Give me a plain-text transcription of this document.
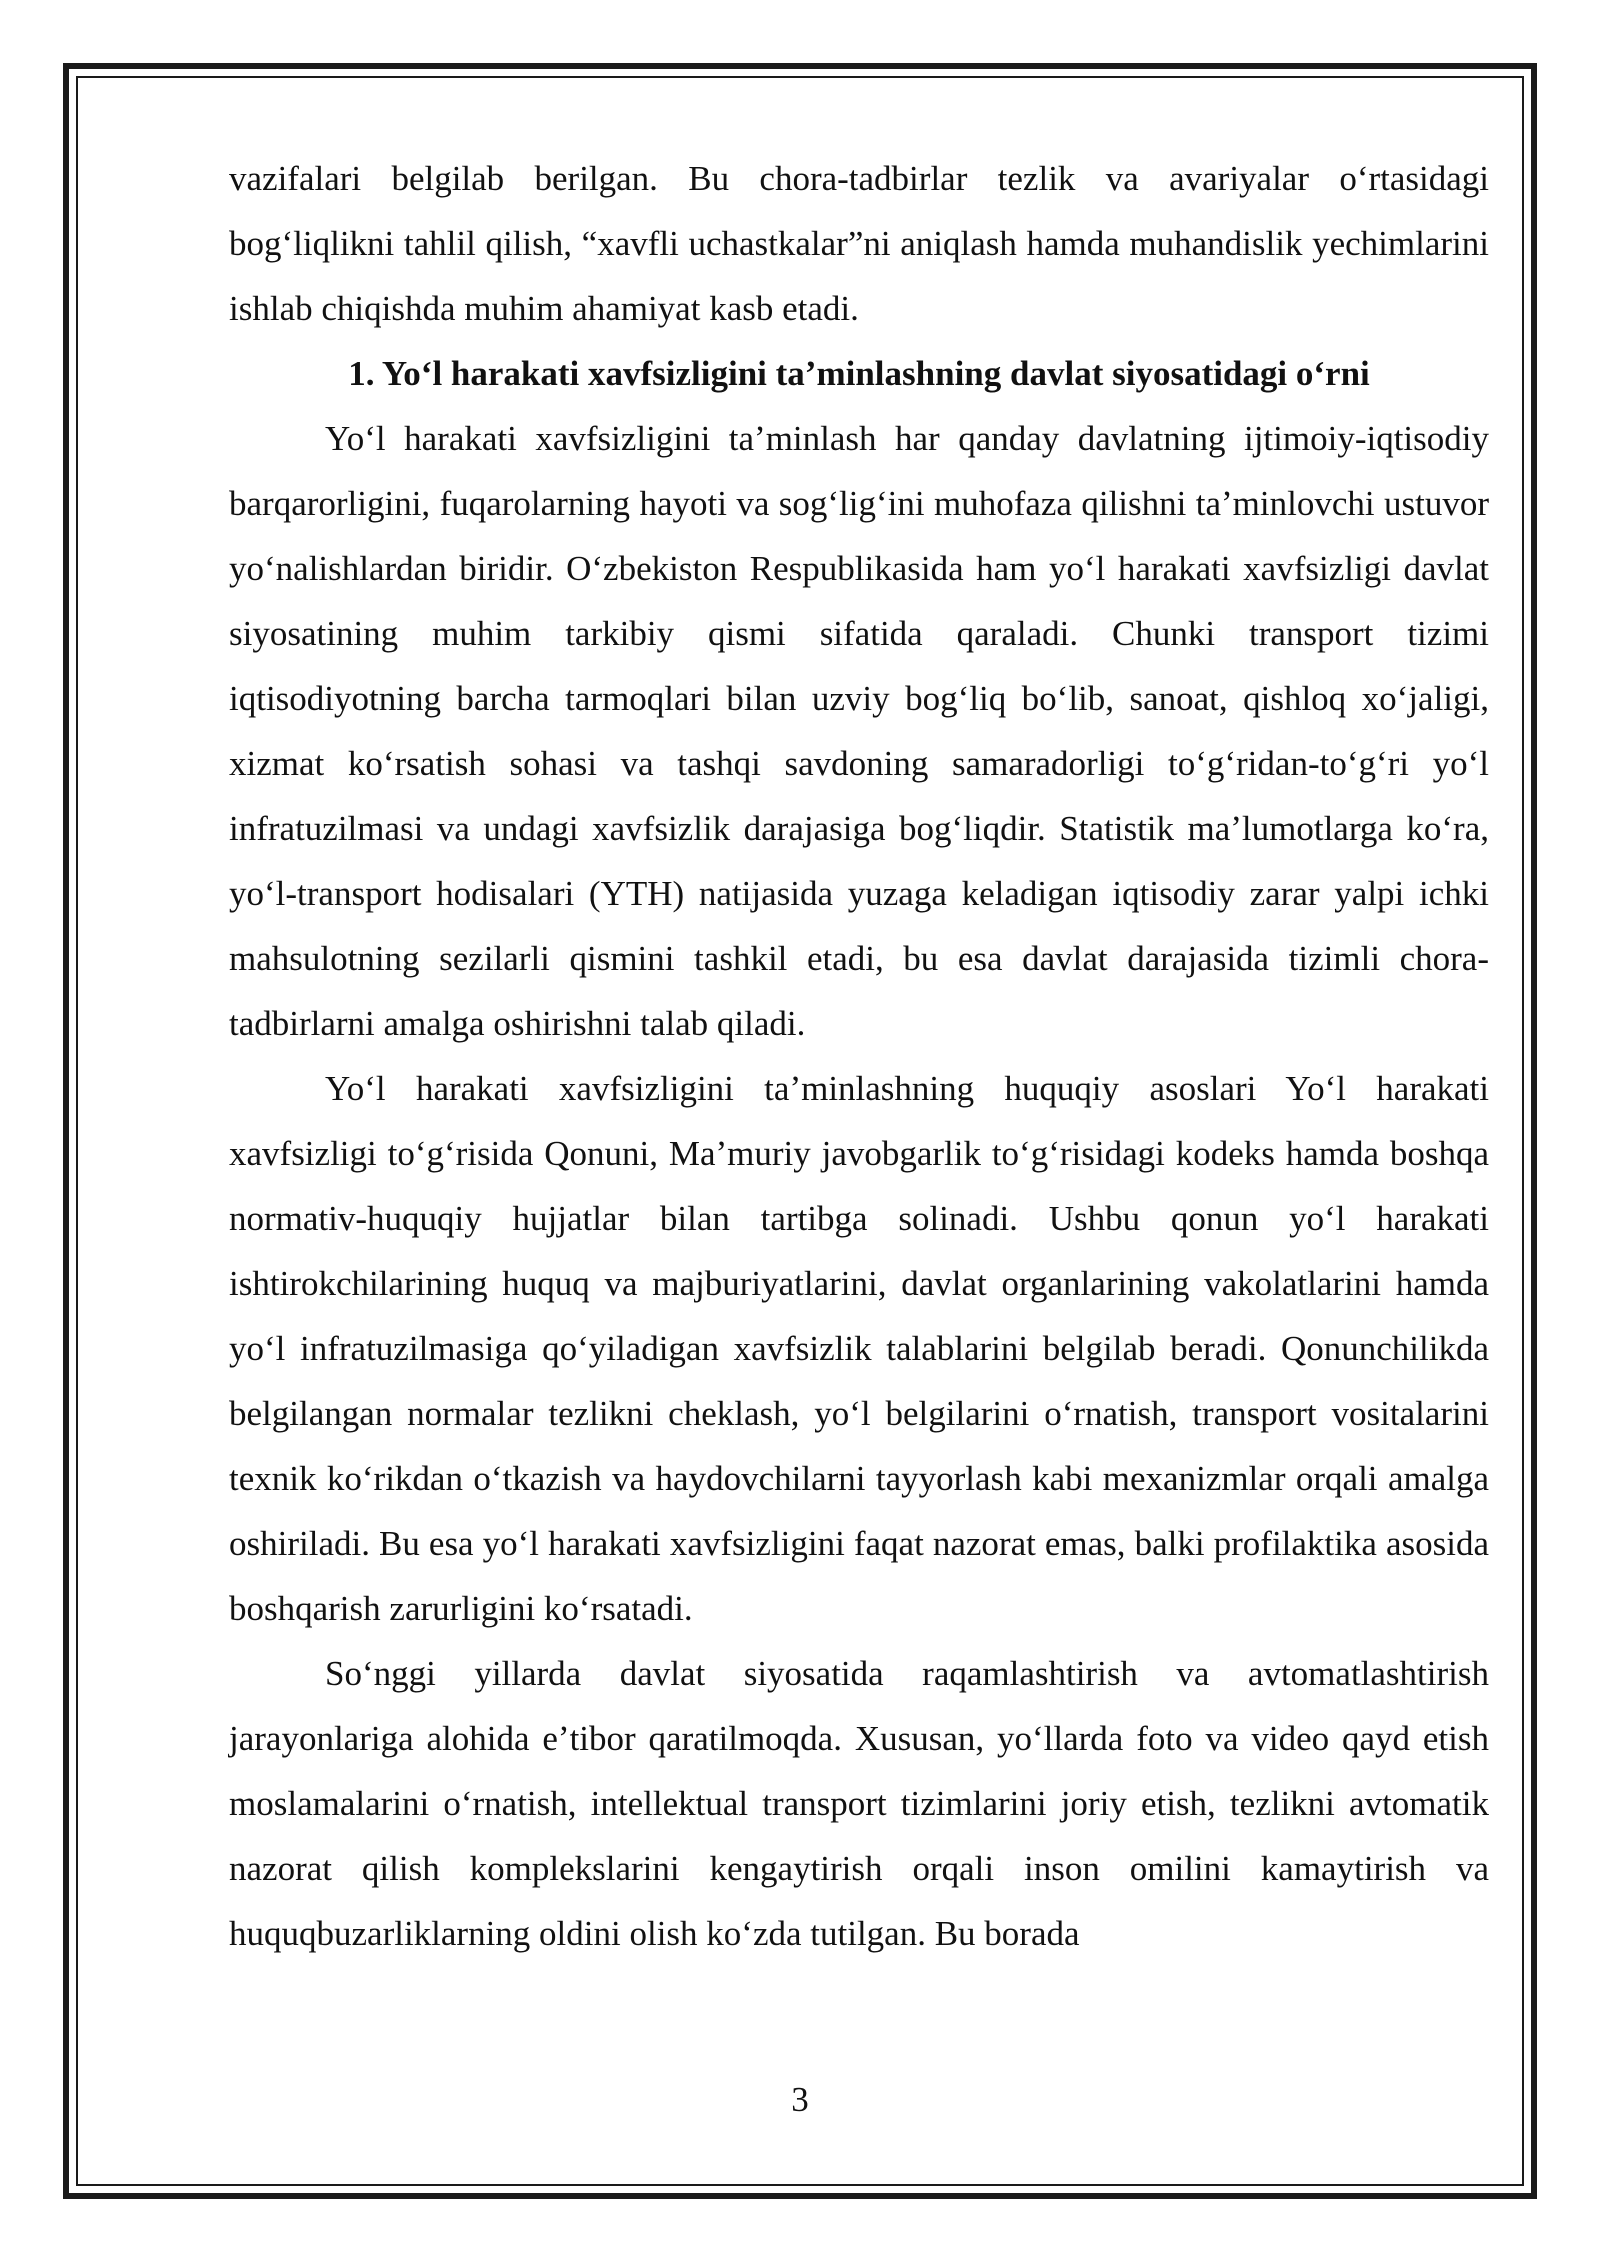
vazifalari belgilab berilgan. Bu chora-tadbirlar tezlik va avariyalar oʻrtasidagi bogʻliqlikni tahlil qilish, “xavfli uchastkalar”ni aniqlash hamda muhandislik yechimlarini ishlab chiqishda muhim ahamiyat kasb etadi.

1. Yoʻl harakati xavfsizligini taʼminlashning davlat siyosatidagi oʻrni

Yoʻl harakati xavfsizligini taʼminlash har qanday davlatning ijtimoiy-iqtisodiy barqarorligini, fuqarolarning hayoti va sogʻligʻini muhofaza qilishni taʼminlovchi ustuvor yoʻnalishlardan biridir. Oʻzbekiston Respublikasida ham yoʻl harakati xavfsizligi davlat siyosatining muhim tarkibiy qismi sifatida qaraladi. Chunki transport tizimi iqtisodiyotning barcha tarmoqlari bilan uzviy bogʻliq boʻlib, sanoat, qishloq xoʻjaligi, xizmat koʻrsatish sohasi va tashqi savdoning samaradorligi toʻgʻridan-toʻgʻri yoʻl infratuzilmasi va undagi xavfsizlik darajasiga bogʻliqdir. Statistik maʼlumotlarga koʻra, yoʻl-transport hodisalari (YTH) natijasida yuzaga keladigan iqtisodiy zarar yalpi ichki mahsulotning sezilarli qismini tashkil etadi, bu esa davlat darajasida tizimli chora-tadbirlarni amalga oshirishni talab qiladi.

Yoʻl harakati xavfsizligini taʼminlashning huquqiy asoslari Yoʻl harakati xavfsizligi toʻgʻrisida Qonuni, Maʼmuriy javobgarlik toʻgʻrisidagi kodeks hamda boshqa normativ-huquqiy hujjatlar bilan tartibga solinadi. Ushbu qonun yoʻl harakati ishtirokchilarining huquq va majburiyatlarini, davlat organlarining vakolatlarini hamda yoʻl infratuzilmasiga qoʻyiladigan xavfsizlik talablarini belgilab beradi. Qonunchilikda belgilangan normalar tezlikni cheklash, yoʻl belgilarini oʻrnatish, transport vositalarini texnik koʻrikdan oʻtkazish va haydovchilarni tayyorlash kabi mexanizmlar orqali amalga oshiriladi. Bu esa yoʻl harakati xavfsizligini faqat nazorat emas, balki profilaktika asosida boshqarish zarurligini koʻrsatadi.

Soʻnggi yillarda davlat siyosatida raqamlashtirish va avtomatlashtirish jarayonlariga alohida eʼtibor qaratilmoqda. Xususan, yoʻllarda foto va video qayd etish moslamalarini oʻrnatish, intellektual transport tizimlarini joriy etish, tezlikni avtomatik nazorat qilish komplekslarini kengaytirish orqali inson omilini kamaytirish va huquqbuzarliklarning oldini olish koʻzda tutilgan. Bu borada

3
